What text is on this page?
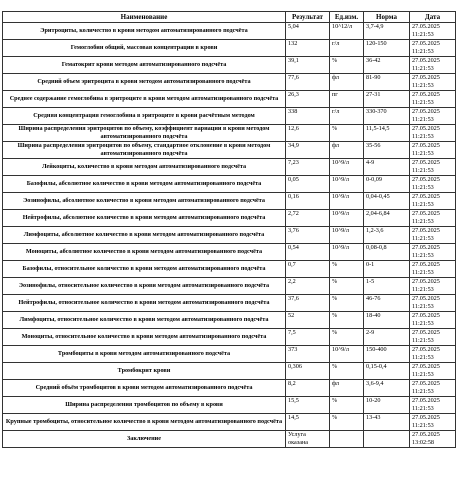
Наименование	Результат	Ед.изм.	Норма	Дата
Эритроциты, количество в крови методом автоматизированного подсчёта	5,04	10^12/л	3,7-4,9	27.05.2025
11:21:53

Гемоглобин общий, массовая концентрации в крови	132	г/л	120-150	27.05.2025
11:21:53

Гематокрит крови методом автоматизированного подсчёта	39,1	%	36-42	27.05.2025
11:21:53

Средний объем эритроцита в крови методом автоматизированного подсчёта	77,6	фл	81-90	27.05.2025
11:21:53

Среднее содержание гемоглобина в эритроците в крови методом автоматизированного подсчёта	26,3	пг	27-31	27.05.2025
11:21:53

Средняя концентрация гемоглобина в эритроците в крови расчётным методом	338	г/л	330-370	27.05.2025
11:21:53

Ширина распределения эритроцитов по объему, коэффициент вариации в крови методом автоматизированного подсчёта	12,6	%	11,5-14,5	27.05.2025
11:21:53

Ширина распределения эритроцитов по объему, стандартное отклонение в крови методом автоматизированного подсчёта	34,9	фл	35-56	27.05.2025
11:21:53

Лейкоциты, количество в крови методом автоматизированного подсчёта	7,23	10^9/л	4-9	27.05.2025
11:21:53

Базофилы, абсолютное количество в крови методом автоматизированного подсчёта	0,05	10^9/л	0-0,09	27.05.2025
11:21:53

Эозинофилы, абсолютное количество в крови методом автоматизированного подсчёта	0,16	10^9/л	0,04-0,45	27.05.2025
11:21:53

Нейтрофилы, абсолютное количество в крови методом автоматизированного подсчёта	2,72	10^9/л	2,04-6,84	27.05.2025
11:21:53

Лимфоциты, абсолютное количество в крови методом автоматизированного подсчёта	3,76	10^9/л	1,2-3,6	27.05.2025
11:21:53

Моноциты, абсолютное количество в крови методом автоматизированного подсчёта	0,54	10^9/л	0,08-0,8	27.05.2025
11:21:53

Базофилы, относительное количество в крови методом автоматизированного подсчёта	0,7	%	0-1	27.05.2025
11:21:53

Эозинофилы, относительное количество в крови методом автоматизированного подсчёта	2,2	%	1-5	27.05.2025
11:21:53

Нейтрофилы, относительное количество в крови методом автоматизированного подсчёта	37,6	%	46-76	27.05.2025
11:21:53

Лимфоциты, относительное количество в крови методом автоматизированного подсчёта	52	%	18-40	27.05.2025
11:21:53

Моноциты, относительное количество в крови методом автоматизированного подсчёта	7,5	%	2-9	27.05.2025
11:21:53

Тромбоциты в крови методом автоматизированного подсчёта	373	10^9/л	150-400	27.05.2025
11:21:53

Тромбокрит крови	0,306	%	0,15-0,4	27.05.2025
11:21:53

Средний объём тромбоцитов в крови методом автоматизированного подсчёта	8,2	фл	3,6-9,4	27.05.2025
11:21:53

Ширина распределения тромбоцитов по объему в крови	15,5	%	10-20	27.05.2025
11:21:53

Крупные тромбоциты, относительное количество в крови методом автоматизированного подсчёта	14,5	%	13-43	27.05.2025
11:21:53

Заключение	Услуга оказана			27.05.2025
13:02:58
